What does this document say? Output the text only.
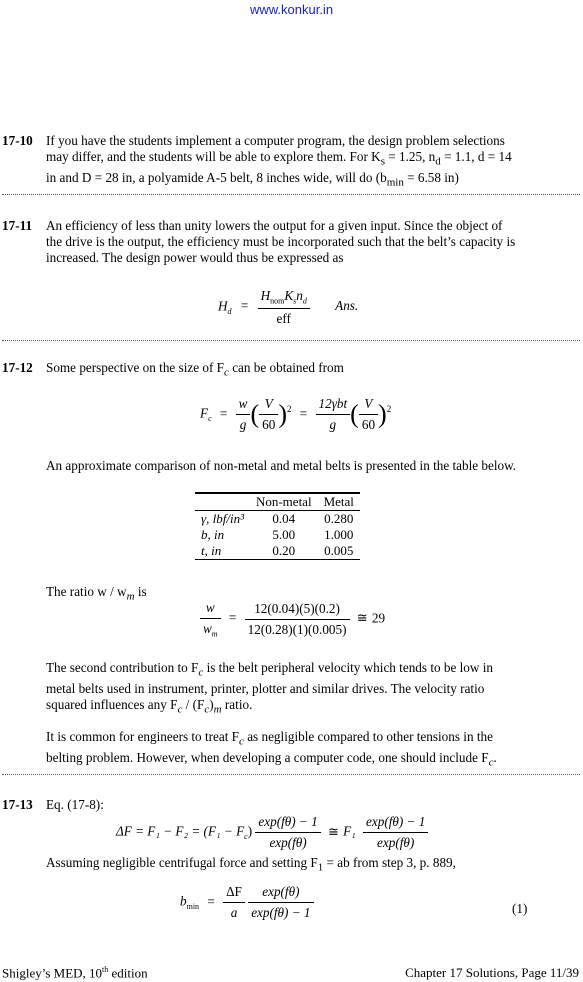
www.konkur.in
17-10 If you have the students implement a computer program, the design problem selections
may differ, and the students will be able to explore them. For $K_s = 1.25$, $n_d = 1.1$, d = 14
in and D = 28 in, a polyamide A-5 belt, 8 inches wide, will do ($b_{min} = 6.58$ in)
17-11 An efficiency of less than unity lowers the output for a given input. Since the object of
the drive is the output, the efficiency must be incorporated such that the belt’s capacity is
increased. The design power would thus be expressed as
$H_d = \frac{H_{nom}K_sn_d}{\text{eff}}$ Ans.
17-12 Some perspective on the size of $F_c$ can be obtained from
$F_c = \frac{w}{g}$ ( $\frac{V}{60} )^2 = \frac{\text{12γbt}}{g}$ ( $\frac{V}{60} )^2$
An approximate comparison of non-metal and metal belts is presented in the table below.
	Non-metal	Metal
γ, lbf/in³	0.04	0.280
b, in	5.00	1.000
t, in	0.20	0.005
The ratio w / $w_m$ is
$\frac{w}{w_m} = \frac{12(0.04)(5)(0.2)}{12(0.28)(1)(0.005)}$ ≅ 29
The second contribution to $F_c$ is the belt peripheral velocity which tends to be low in
metal belts used in instrument, printer, plotter and similar drives. The velocity ratio
squared influences any $F_c / (F_c)_m$ ratio.
It is common for engineers to treat $F_c$ as negligible compared to other tensions in the
belting problem. However, when developing a computer code, one should include $F_c$.
17-13 Eq. (17-8):
$\Delta F = F_1 - F_2 = (F_1 - F_c) \frac{\exp(f\theta) - 1}{\exp(f\theta)}$ ≅ $F_1 \frac{\exp(f\theta) - 1}{\exp(f\theta)}$
Assuming negligible centrifugal force and setting $F_1$ = ab from step 3, p. 889,
$b_{min} = \frac{\Delta F}{a}$
$\frac{\exp(f\theta)}{\exp(f\theta) - 1}$	(1)
Shigley’s MED, 10th edition	Chapter 17 Solutions, Page 11/39
